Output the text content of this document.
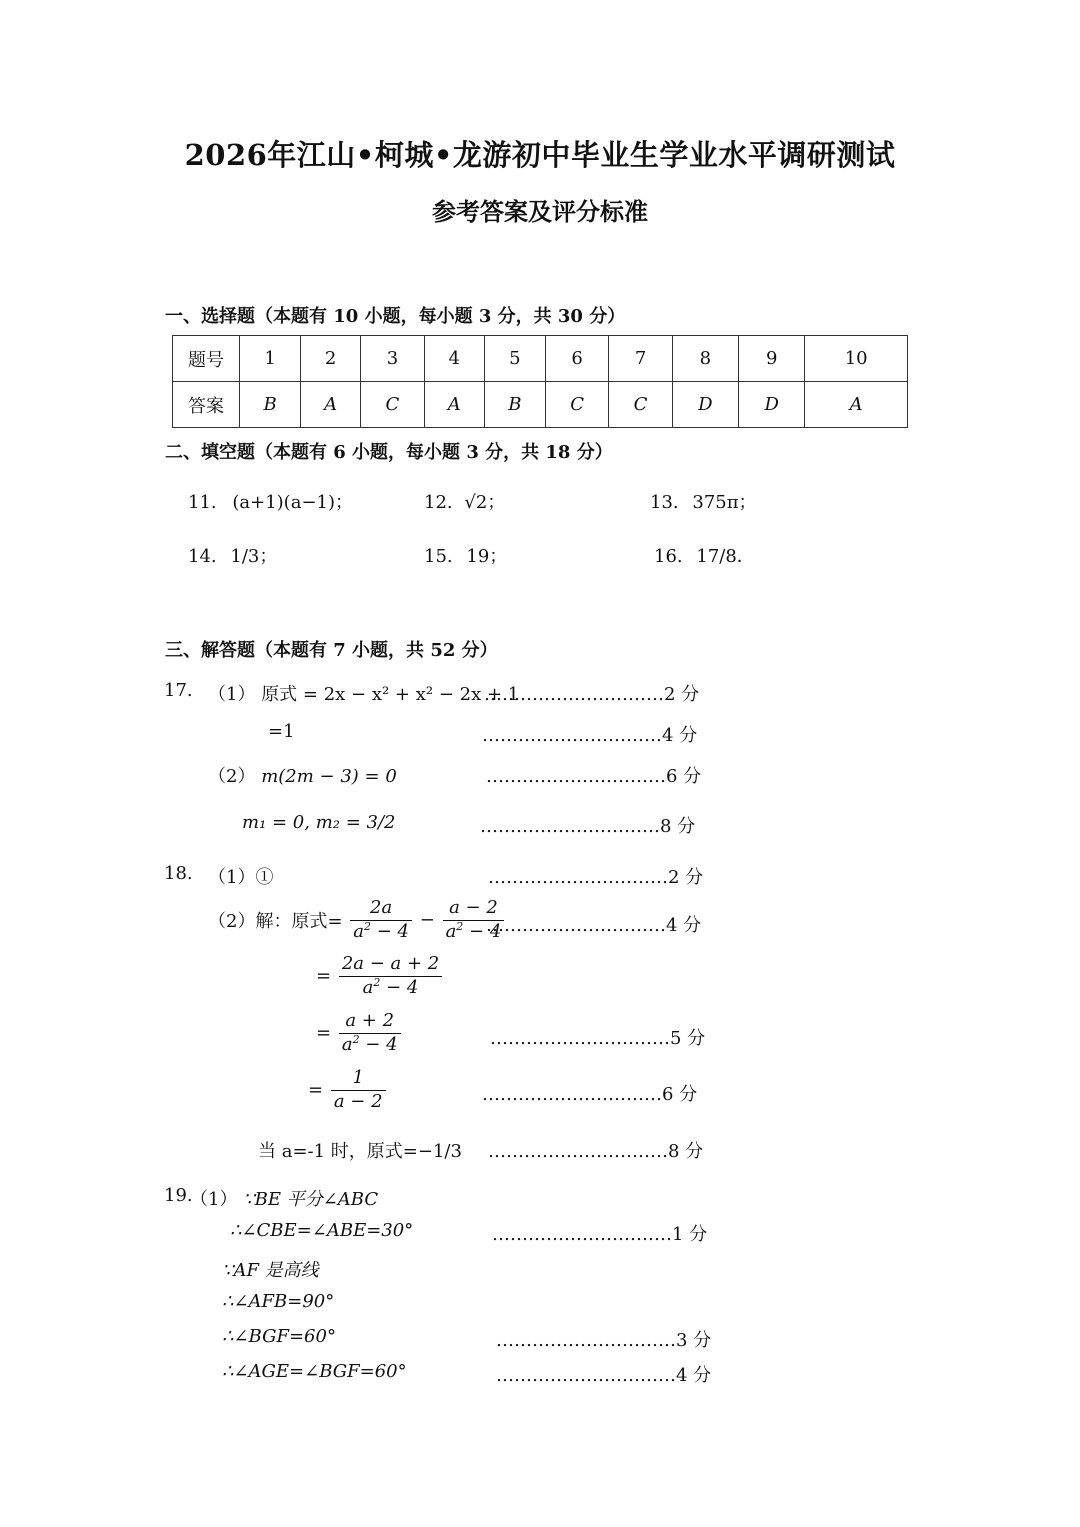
2026年江山•柯城•龙游初中毕业生学业水平调研测试
参考答案及评分标准
一、选择题（本题有 10 小题，每小题 3 分，共 30 分）
题号	1	2	3	4	5	6	7	8	9	10
答案	B	A	C	A	B	C	C	D	D	A
二、填空题（本题有 6 小题，每小题 3 分，共 18 分）
11. (a+1)(a−1)；	12. √2；	13. 375π；
14. 1/3；	15. 19；	16. 17/8．
三、解答题（本题有 7 小题，共 52 分）
17. （1） 原式 = 2x − x² + x² − 2x + 1
…………………………2 分
=1	…………………………4 分
（2） m(2m − 3) = 0	…………………………6 分
m₁ = 0, m₂ = 3/2	…………………………8 分
18. （1）①	…………………………2 分
（2）解：原式= $\frac{2a}{a^2 - 4} - \frac{a - 2}{a^2 - 4}$
…………………………4 分
= $\frac{2a - a + 2}{a^2 - 4}$
= $\frac{a + 2}{a^2 - 4}$	…………………………5 分
= $\frac{1}{a - 2}$	…………………………6 分
当 a=-1 时，原式=−1/3 …………………………8 分
19.
（1） ∵BE 平分∠ABC
∴∠CBE=∠ABE=30°	…………………………1 分
∵AF 是高线
∴∠AFB=90°
∴∠BGF=60°	…………………………3 分
∴∠AGE=∠BGF=60°	…………………………4 分
